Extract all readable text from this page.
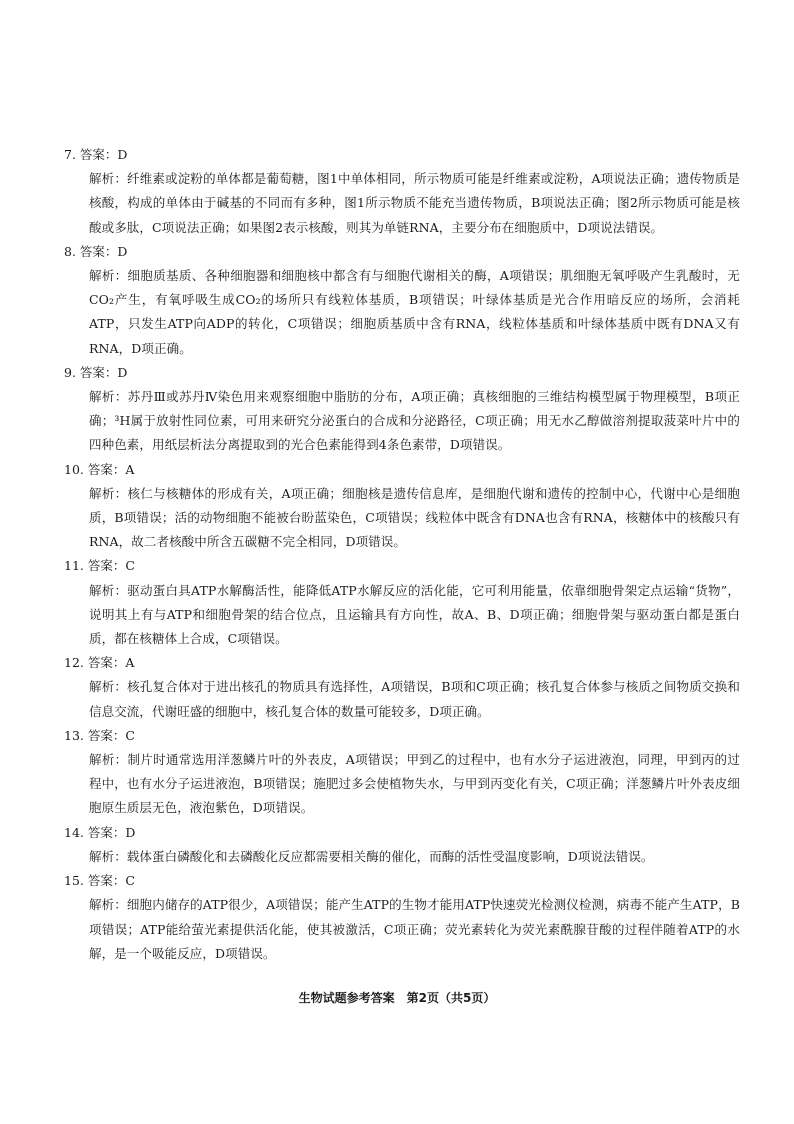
7. 答案：D

解析：纤维素或淀粉的单体都是葡萄糖，图1中单体相同，所示物质可能是纤维素或淀粉，A项说法正确；遗传物质是核酸，构成的单体由于碱基的不同而有多种，图1所示物质不能充当遗传物质，B项说法正确；图2所示物质可能是核酸或多肽，C项说法正确；如果图2表示核酸，则其为单链RNA，主要分布在细胞质中，D项说法错误。

8. 答案：D

解析：细胞质基质、各种细胞器和细胞核中都含有与细胞代谢相关的酶，A项错误；肌细胞无氧呼吸产生乳酸时，无CO₂产生，有氧呼吸生成CO₂的场所只有线粒体基质，B项错误；叶绿体基质是光合作用暗反应的场所，会消耗ATP，只发生ATP向ADP的转化，C项错误；细胞质基质中含有RNA，线粒体基质和叶绿体基质中既有DNA又有RNA，D项正确。

9. 答案：D

解析：苏丹Ⅲ或苏丹Ⅳ染色用来观察细胞中脂肪的分布，A项正确；真核细胞的三维结构模型属于物理模型，B项正确；³H属于放射性同位素，可用来研究分泌蛋白的合成和分泌路径，C项正确；用无水乙醇做溶剂提取菠菜叶片中的四种色素，用纸层析法分离提取到的光合色素能得到4条色素带，D项错误。

10. 答案：A

解析：核仁与核糖体的形成有关，A项正确；细胞核是遗传信息库，是细胞代谢和遗传的控制中心，代谢中心是细胞质，B项错误；活的动物细胞不能被台盼蓝染色，C项错误；线粒体中既含有DNA也含有RNA，核糖体中的核酸只有RNA，故二者核酸中所含五碳糖不完全相同，D项错误。

11. 答案：C

解析：驱动蛋白具ATP水解酶活性，能降低ATP水解反应的活化能，它可利用能量，依靠细胞骨架定点运输“货物”，说明其上有与ATP和细胞骨架的结合位点，且运输具有方向性，故A、B、D项正确；细胞骨架与驱动蛋白都是蛋白质，都在核糖体上合成，C项错误。

12. 答案：A

解析：核孔复合体对于进出核孔的物质具有选择性，A项错误，B项和C项正确；核孔复合体参与核质之间物质交换和信息交流，代谢旺盛的细胞中，核孔复合体的数量可能较多，D项正确。

13. 答案：C

解析：制片时通常选用洋葱鳞片叶的外表皮，A项错误；甲到乙的过程中，也有水分子运进液泡，同理，甲到丙的过程中，也有水分子运进液泡，B项错误；施肥过多会使植物失水，与甲到丙变化有关，C项正确；洋葱鳞片叶外表皮细胞原生质层无色，液泡紫色，D项错误。

14. 答案：D

解析：载体蛋白磷酸化和去磷酸化反应都需要相关酶的催化，而酶的活性受温度影响，D项说法错误。

15. 答案：C

解析：细胞内储存的ATP很少，A项错误；能产生ATP的生物才能用ATP快速荧光检测仪检测，病毒不能产生ATP，B项错误；ATP能给萤光素提供活化能，使其被激活，C项正确；荧光素转化为荧光素酰腺苷酸的过程伴随着ATP的水解，是一个吸能反应，D项错误。

生物试题参考答案　第2页（共5页）
